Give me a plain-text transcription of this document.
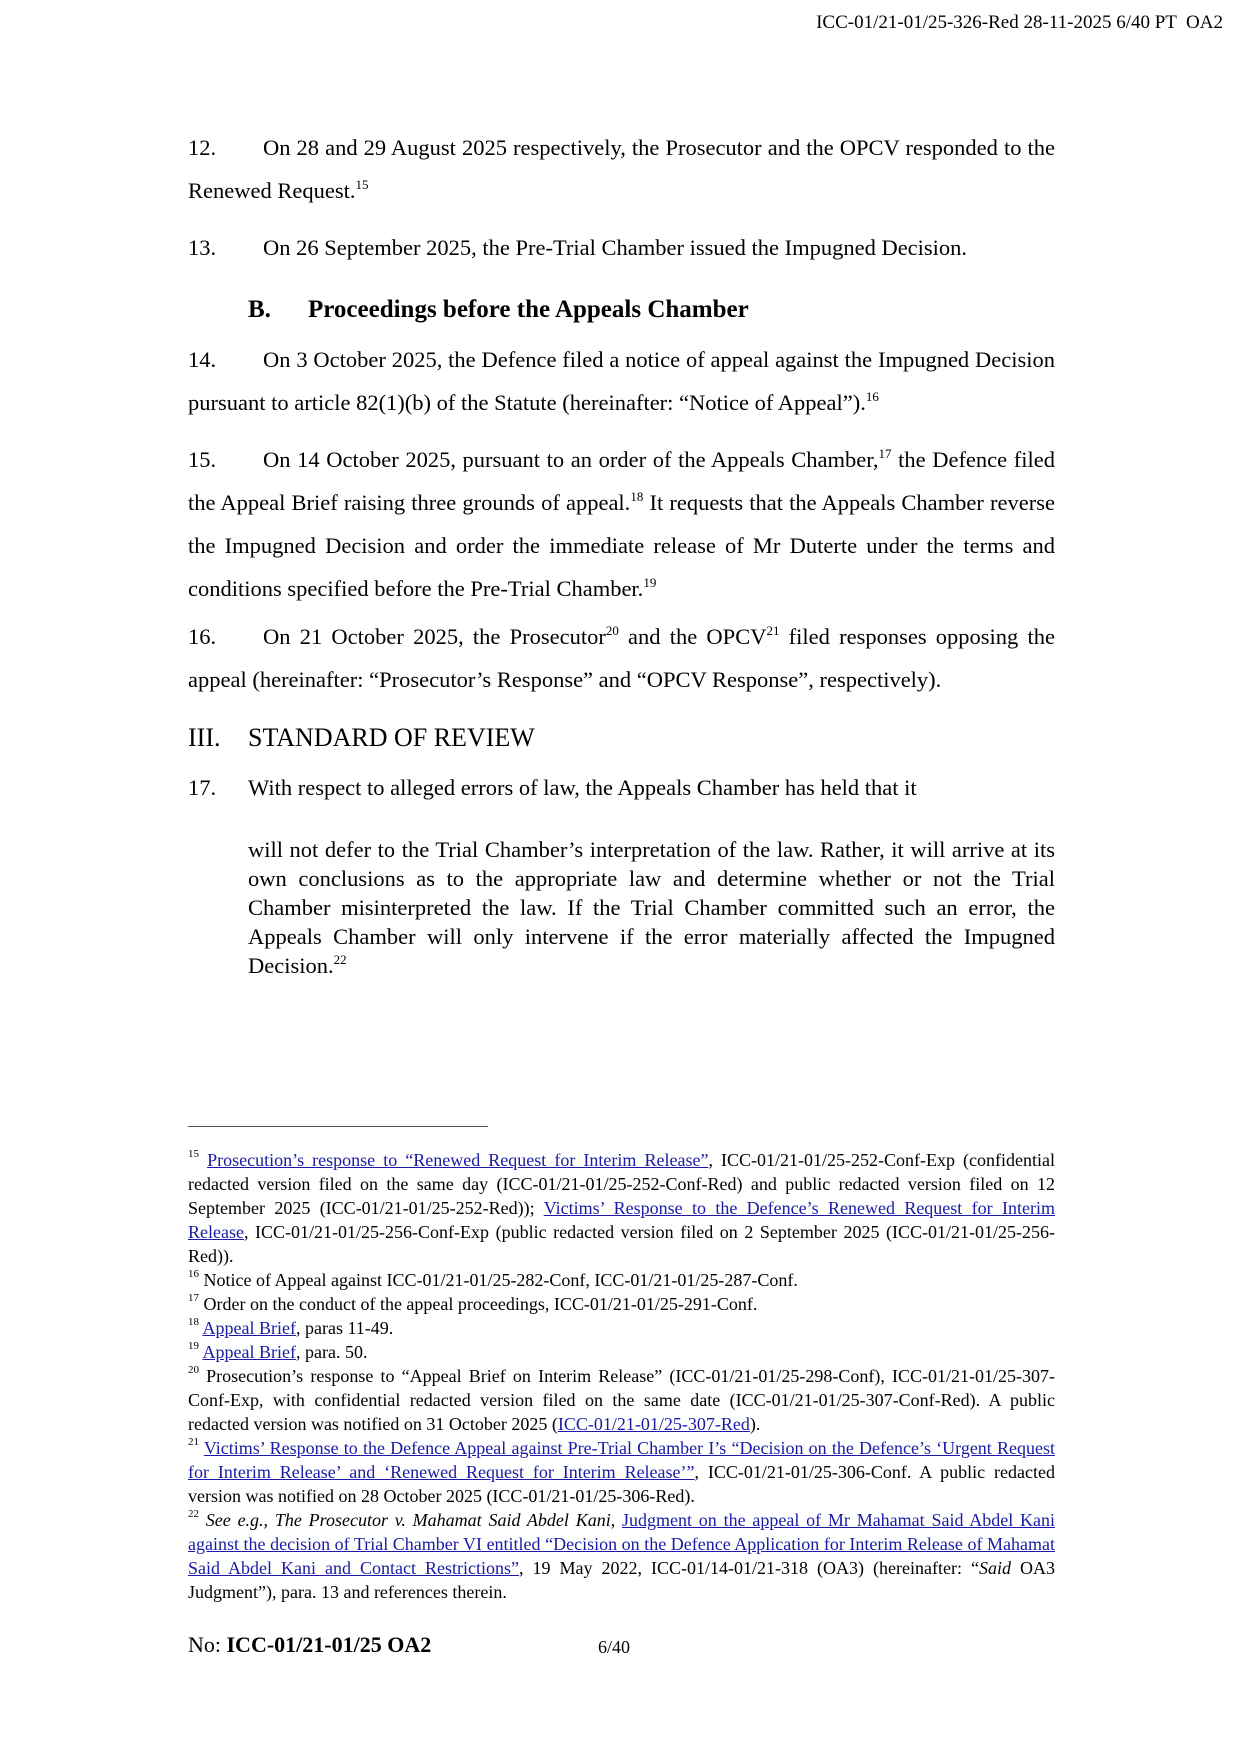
ICC-01/21-01/25-326-Red 28-11-2025 6/40 PT  OA2
12. On 28 and 29 August 2025 respectively, the Prosecutor and the OPCV responded to the Renewed Request.$^{15}$
13. On 26 September 2025, the Pre-Trial Chamber issued the Impugned Decision.
B. Proceedings before the Appeals Chamber
14. On 3 October 2025, the Defence filed a notice of appeal against the Impugned Decision pursuant to article 82(1)(b) of the Statute (hereinafter: “Notice of Appeal”).$^{16}$
15. On 14 October 2025, pursuant to an order of the Appeals Chamber,$^{17}$ the Defence filed the Appeal Brief raising three grounds of appeal.$^{18}$ It requests that the Appeals Chamber reverse the Impugned Decision and order the immediate release of Mr Duterte under the terms and conditions specified before the Pre-Trial Chamber.$^{19}$
16. On 21 October 2025, the Prosecutor$^{20}$ and the OPCV$^{21}$ filed responses opposing the appeal (hereinafter: “Prosecutor’s Response” and “OPCV Response”, respectively).
III. STANDARD OF REVIEW
17. With respect to alleged errors of law, the Appeals Chamber has held that it
will not defer to the Trial Chamber’s interpretation of the law. Rather, it will arrive at its own conclusions as to the appropriate law and determine whether or not the Trial Chamber misinterpreted the law. If the Trial Chamber committed such an error, the Appeals Chamber will only intervene if the error materially affected the Impugned Decision.$^{22}$

$^{15}$ Prosecution’s response to “Renewed Request for Interim Release”, ICC-01/21-01/25-252-Conf-Exp (confidential redacted version filed on the same day (ICC-01/21-01/25-252-Conf-Red) and public redacted version filed on 12 September 2025 (ICC-01/21-01/25-252-Red)); Victims’ Response to the Defence’s Renewed Request for Interim Release, ICC-01/21-01/25-256-Conf-Exp (public redacted version filed on 2 September 2025 (ICC-01/21-01/25-256-Red)).

$^{16}$ Notice of Appeal against ICC-01/21-01/25-282-Conf, ICC-01/21-01/25-287-Conf.

$^{17}$ Order on the conduct of the appeal proceedings, ICC-01/21-01/25-291-Conf.

$^{18}$ Appeal Brief, paras 11-49.

$^{19}$ Appeal Brief, para. 50.

$^{20}$ Prosecution’s response to “Appeal Brief on Interim Release” (ICC-01/21-01/25-298-Conf), ICC-01/21-01/25-307-Conf-Exp, with confidential redacted version filed on the same date (ICC-01/21-01/25-307-Conf-Red). A public redacted version was notified on 31 October 2025 (ICC-01/21-01/25-307-Red).

$^{21}$ Victims’ Response to the Defence Appeal against Pre-Trial Chamber I’s “Decision on the Defence’s ‘Urgent Request for Interim Release’ and ‘Renewed Request for Interim Release’”, ICC-01/21-01/25-306-Conf. A public redacted version was notified on 28 October 2025 (ICC-01/21-01/25-306-Red).

$^{22}$ See e.g., The Prosecutor v. Mahamat Said Abdel Kani, Judgment on the appeal of Mr Mahamat Said Abdel Kani against the decision of Trial Chamber VI entitled “Decision on the Defence Application for Interim Release of Mahamat Said Abdel Kani and Contact Restrictions”, 19 May 2022, ICC-01/14-01/21-318 (OA3) (hereinafter: “Said OA3 Judgment”), para. 13 and references therein.

No: ICC-01/21-01/25 OA2	6/40
